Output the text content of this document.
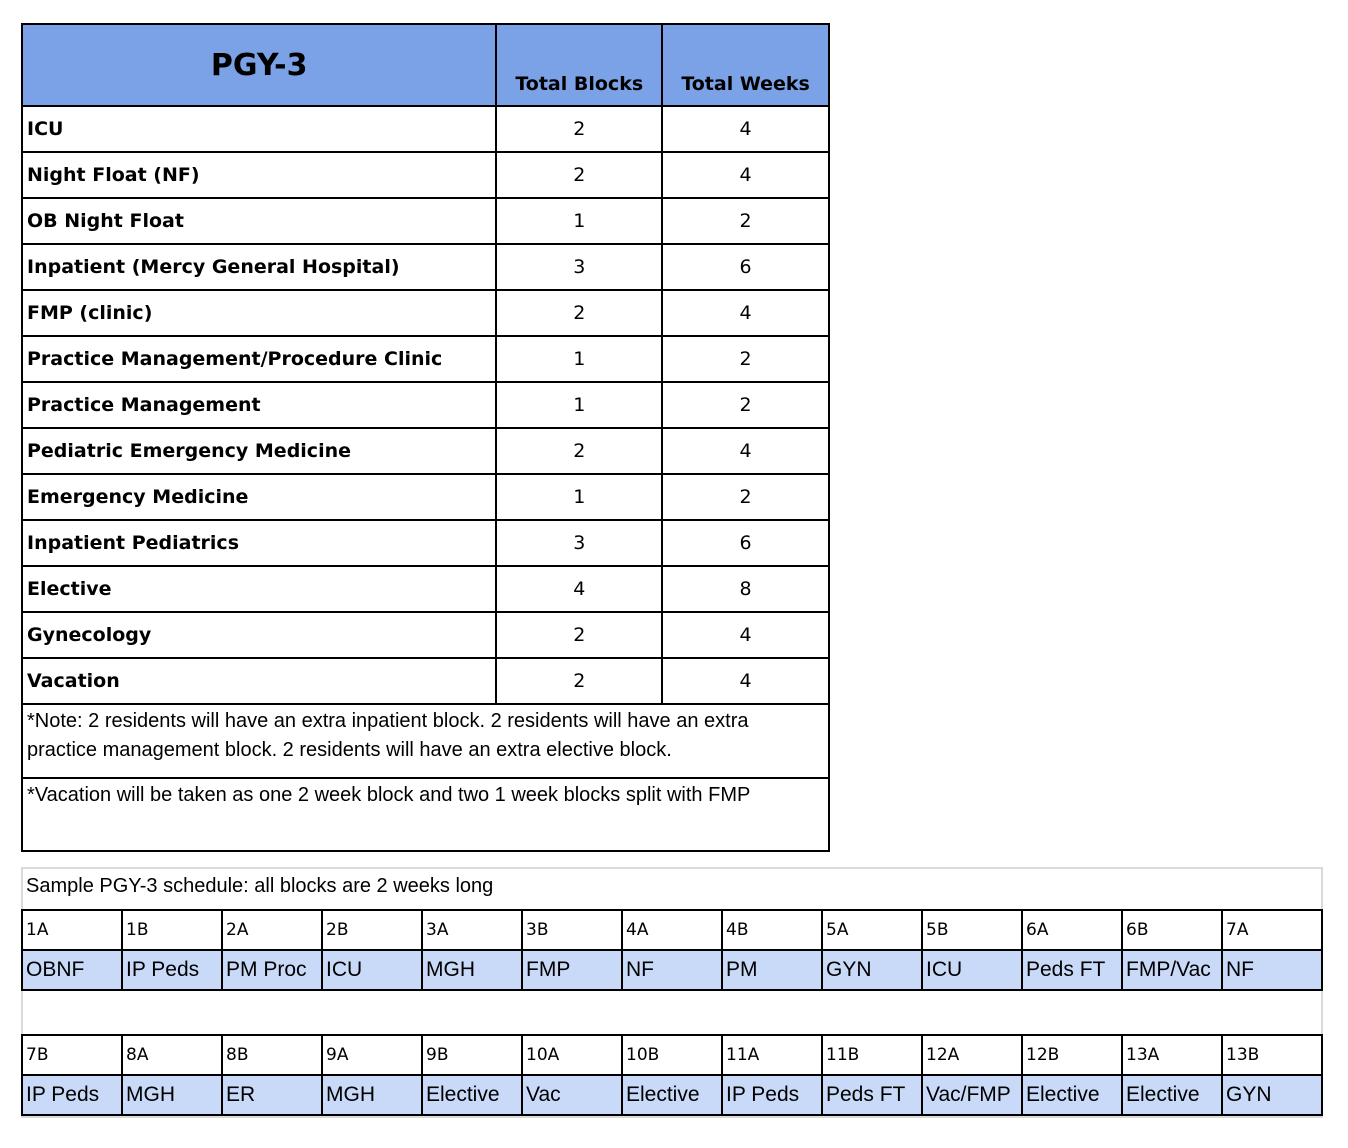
PGY-3	Total Blocks	Total Weeks
ICU	2	4
Night Float (NF)	2	4
OB Night Float	1	2
Inpatient (Mercy General Hospital)	3	6
FMP (clinic)	2	4
Practice Management/Procedure Clinic	1	2
Practice Management	1	2
Pediatric Emergency Medicine	2	4
Emergency Medicine	1	2
Inpatient Pediatrics	3	6
Elective	4	8
Gynecology	2	4
Vacation	2	4
*Note: 2 residents will have an extra inpatient block. 2 residents will have an extra practice management block. 2 residents will have an extra elective block.		
*Vacation will be taken as one 2 week block and two 1 week blocks split with FMP		
Sample PGY-3 schedule: all blocks are 2 weeks long
1A	1B	2A	2B	3A	3B	4A	4B	5A	5B	6A	6B	7A
OBNF	IP Peds	PM Proc	ICU	MGH	FMP	NF	PM	GYN	ICU	Peds FT	FMP/Vac	NF
7B	8A	8B	9A	9B	10A	10B	11A	11B	12A	12B	13A	13B
IP Peds	MGH	ER	MGH	Elective	Vac	Elective	IP Peds	Peds FT	Vac/FMP	Elective	Elective	GYN
